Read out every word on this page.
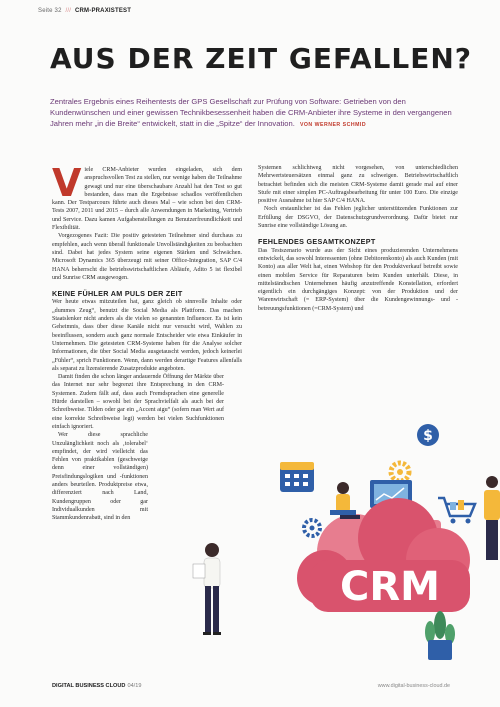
Seite 32 /// CRM-PRAXISTEST
AUS DER ZEIT GEFALLEN?
Zentrales Ergebnis eines Reihentests der GPS Gesellschaft zur Prüfung von Software: Getrieben von den Kundenwünschen und einer gewissen Technikbesessenheit haben die CRM-Anbieter ihre Systeme in den vergangenen Jahren mehr „in die Breite“ entwickelt, statt in die „Spitze“ der Innovation. VON WERNER SCHMID

Viele CRM-Anbieter wurden eingeladen, sich dem anspruchsvollen Test zu stellen, nur wenige haben die Teilnahme gewagt und nur eine überschaubare Anzahl hat den Test so gut bestanden, dass man die Ergebnisse schadlos veröffentlichen kann. Der Testparcours führte auch dieses Mal – wie schon bei den CRM-Tests 2007, 2011 und 2015 – durch alle Anwendungen in Marketing, Vertrieb und Service. Dazu kamen Aufgabenstellungen zu Benutzerfreundlichkeit und Flexibilität.

Vorgezogenes Fazit: Die positiv getesteten Teilnehmer sind durchaus zu empfehlen, auch wenn überall funktionale Unvollständigkeiten zu beobachten sind. Dabei hat jedes System seine eigenen Stärken und Schwächen. Microsoft Dynamics 365 überzeugt mit seiner Office-Integration, SAP C/4 HANA beherrscht die betriebswirtschaftlichen Abläufe, Adito 5 ist flexibel und Sunrise CRM ausgewogen.

KEINE FÜHLER AM PULS DER ZEIT

Wer heute etwas mitzuteilen hat, ganz gleich ob sinnvolle Inhalte oder „dummes Zeug“, benutzt die Social Media als Plattform. Das machen Staatslenker nicht anders als die vielen so genannten Influencer. Es ist kein Geheimnis, dass über diese Kanäle nicht nur versucht wird, Wahlen zu beeinflussen, sondern auch ganz normale Entscheider wie etwa Einkäufer in Unternehmen. Die getesteten CRM-Systeme haben für die Analyse solcher Informationen, die über Social Media ausgetauscht werden, jedoch keinerlei „Fühler“, sprich Funktionen. Wenn, dann werden derartige Features allenfalls als separat zu lizensierende Zusatzprodukte angeboten.

Damit finden die schon länger andauernde Öffnung der Märkte über das Internet nur sehr begrenzt ihre Entsprechung in den CRM-Systemen. Zudem fällt auf, dass auch Fremdsprachen eine generelle Hürde darstellen – sowohl bei der Sprachvielfalt als auch bei der Schreibweise. Tilden oder gar ein „Accent aigu“ (sofern man Wert auf eine korrekte Schreibweise legt) werden bei vielen Suchfunktionen einfach ignoriert.

Wer diese sprachliche Unzulänglichkeit noch als ‚tolerabel‘ empfindet, der wird vielleicht das Fehlen von praktikablen (geschweige denn einer vollständigen) Preisfindungslogiken und -funktionen anders beurteilen. Produktpreise etwa, differenziert nach Land, Kundengruppen oder gar Individualkunden mit Stammkundenrabatt, sind in den

Systemen schlichtweg nicht vorgesehen, von unterschiedlichen Mehrwertsteuersätzen einmal ganz zu schweigen. Betriebswirtschaftlich betrachtet befinden sich die meisten CRM-Systeme damit gerade mal auf einer Stufe mit einer simplen PC-Auftragsbearbeitung für unter 100 Euro. Die einzige positive Ausnahme ist hier SAP C/4 HANA.

Noch erstaunlicher ist das Fehlen jeglicher unterstützenden Funktionen zur Erfüllung der DSGVO, der Datenschutzgrundverordnung. Dafür bietet nur Sunrise eine vollständige Lösung an.

FEHLENDES GESAMTKONZEPT

Das Testszenario wurde aus der Sicht eines produzierenden Unternehmens entwickelt, das sowohl Interessenten (ohne Debitorenkonto) als auch Kunden (mit Konto) aus aller Welt hat, einen Webshop für den Produktverkauf betreibt sowie einen mobilen Service für Reparaturen beim Kunden unterhält. Diese, in mittelständischen Unternehmen häufig anzutreffende Konstellation, erfordert eigentlich ein durchgängiges Konzept: von der Produktion und der Warenwirtschaft (= ERP-System) über die Kundengewinnungs- und -betreuungsfunktionen (=CRM-System) und

$
CRM
DIGITAL BUSINESS CLOUD 04/19	www.digital-business-cloud.de
